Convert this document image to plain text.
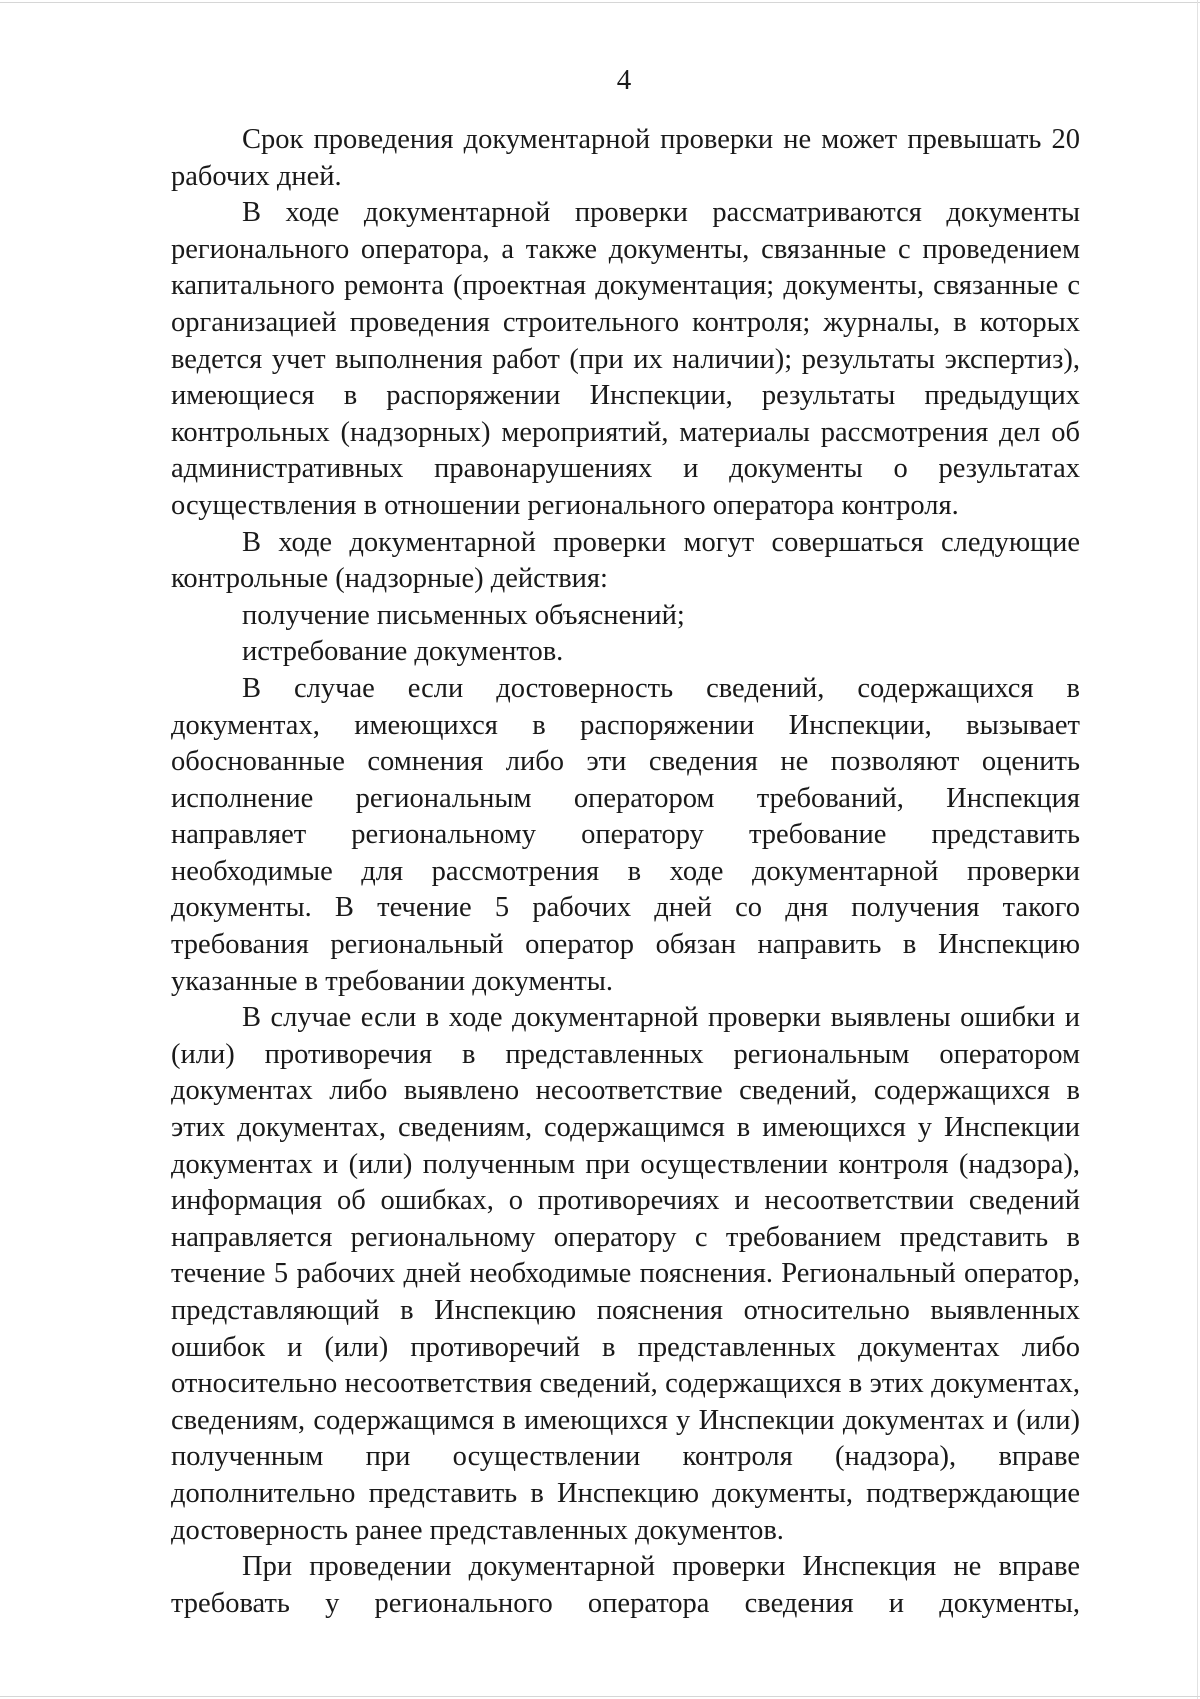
4

Срок проведения документарной проверки не может превышать 20 рабочих дней.

В ходе документарной проверки рассматриваются документы регионального оператора, а также документы, связанные с проведением капитального ремонта (проектная документация; документы, связанные с организацией проведения строительного контроля; журналы, в которых ведется учет выполнения работ (при их наличии); результаты экспертиз), имеющиеся в распоряжении Инспекции, результаты предыдущих контрольных (надзорных) мероприятий, материалы рассмотрения дел об административных правонарушениях и документы о результатах осуществления в отношении регионального оператора контроля.

В ходе документарной проверки могут совершаться следующие контрольные (надзорные) действия:

получение письменных объяснений;

истребование документов.

В случае если достоверность сведений, содержащихся в документах, имеющихся в распоряжении Инспекции, вызывает обоснованные сомнения либо эти сведения не позволяют оценить исполнение региональным оператором требований, Инспекция направляет региональному оператору требование представить необходимые для рассмотрения в ходе документарной проверки документы. В течение 5 рабочих дней со дня получения такого требования региональный оператор обязан направить в Инспекцию указанные в требовании документы.

В случае если в ходе документарной проверки выявлены ошибки и (или) противоречия в представленных региональным оператором документах либо выявлено несоответствие сведений, содержащихся в этих документах, сведениям, содержащимся в имеющихся у Инспекции документах и (или) полученным при осуществлении контроля (надзора), информация об ошибках, о противоречиях и несоответствии сведений направляется региональному оператору с требованием представить в течение 5 рабочих дней необходимые пояснения. Региональный оператор, представляющий в Инспекцию пояснения относительно выявленных ошибок и (или) противоречий в представленных документах либо относительно несоответствия сведений, содержащихся в этих документах, сведениям, содержащимся в имеющихся у Инспекции документах и (или) полученным при осуществлении контроля (надзора), вправе дополнительно представить в Инспекцию документы, подтверждающие достоверность ранее представленных документов.

При проведении документарной проверки Инспекция не вправе требовать у регионального оператора сведения и документы,
